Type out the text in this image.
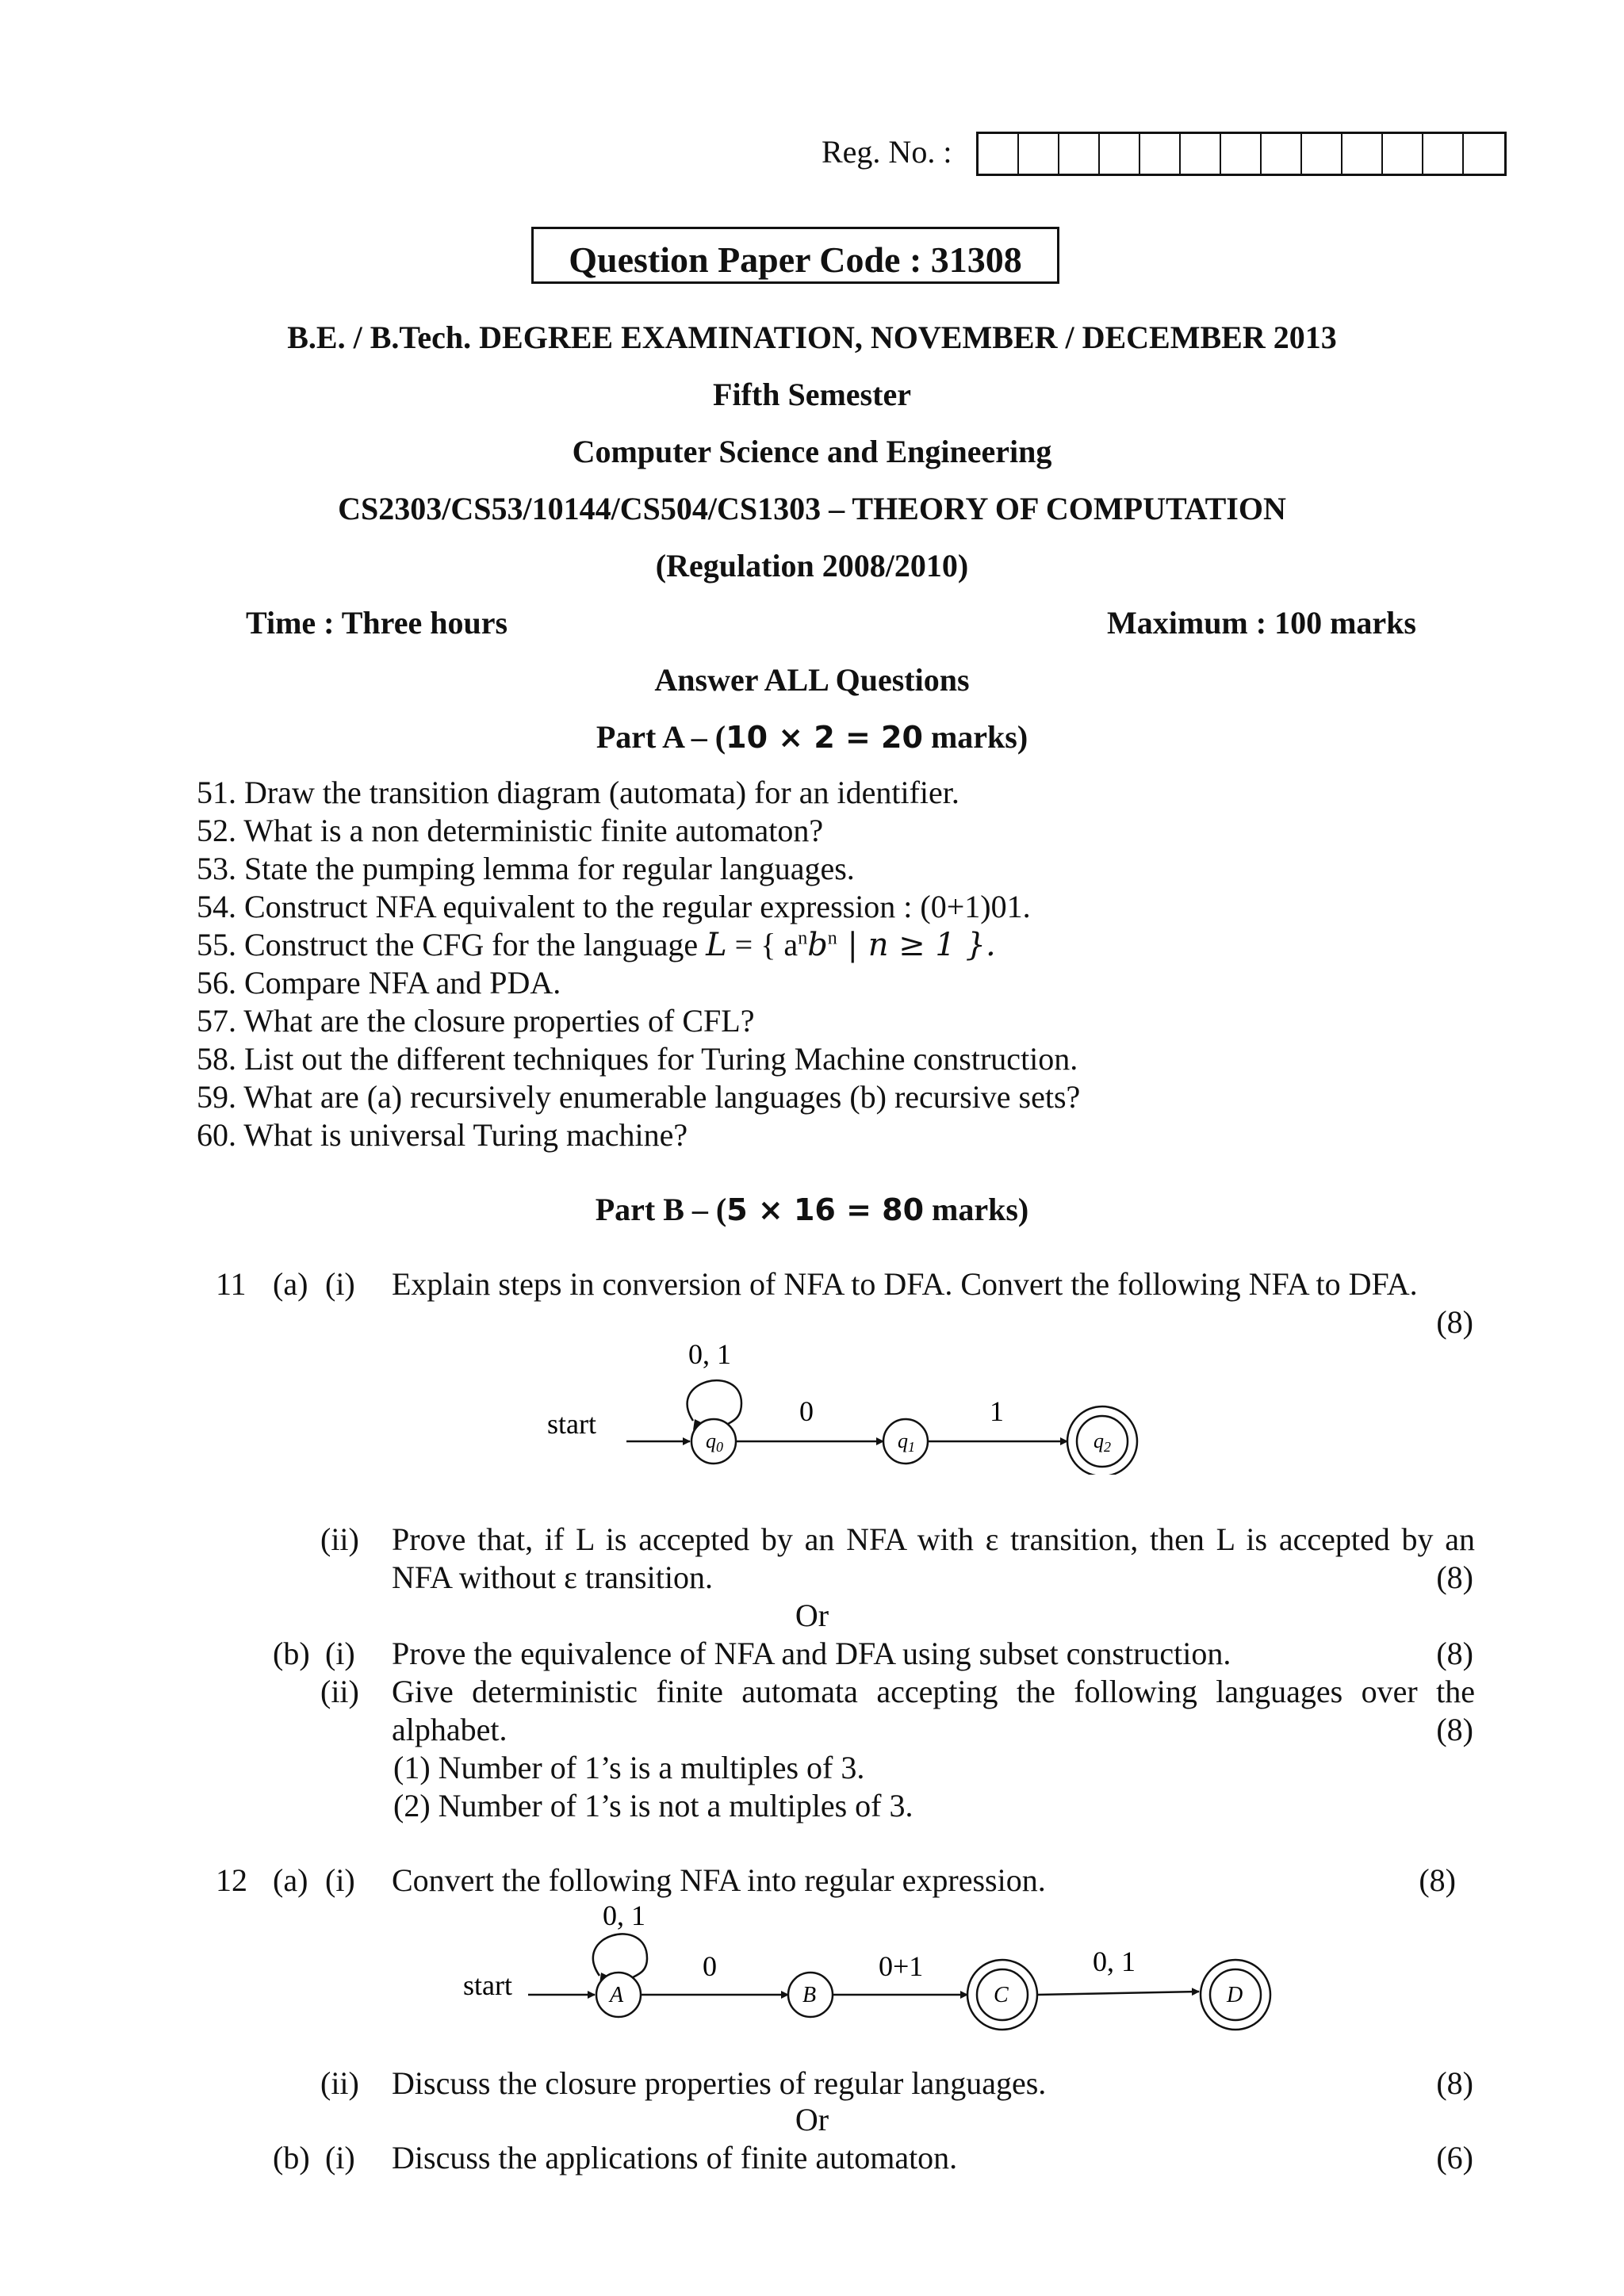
Reg. No. :
Question Paper Code : 31308
B.E. / B.Tech. DEGREE EXAMINATION, NOVEMBER / DECEMBER 2013
Fifth Semester
Computer Science and Engineering
CS2303/CS53/10144/CS504/CS1303 – THEORY OF COMPUTATION
(Regulation 2008/2010)
Time : Three hours	Maximum : 100 marks
Answer ALL Questions
Part A – (10 × 2 = 20 marks)
51. Draw the transition diagram (automata) for an identifier.
52. What is a non deterministic finite automaton?
53. State the pumping lemma for regular languages.
54. Construct NFA equivalent to the regular expression : (0+1)01.
55. Construct the CFG for the language L = { $a^nb^n$ | n ≥ 1 }.
56. Compare NFA and PDA.
57. What are the closure properties of CFL?
58. List out the different techniques for Turing Machine construction.
59. What are (a) recursively enumerable languages (b) recursive sets?
60. What is universal Turing machine?
Part B – (5 × 16 = 80 marks)
11 (a) (i) Explain steps in conversion of NFA to DFA. Convert the following NFA to DFA.
(8)
start
0, 1
q0
0
q1
1
q2
(ii) Prove that, if L is accepted by an NFA with ε transition, then L is accepted by an
NFA without ε transition.	(8)
Or
(b) (i) Prove the equivalence of NFA and DFA using subset construction.	(8)
(ii) Give deterministic finite automata accepting the following languages over the
alphabet.	(8)
(1) Number of 1’s is a multiples of 3.
(2) Number of 1’s is not a multiples of 3.
12 (a) (i) Convert the following NFA into regular expression.	(8)
start
0, 1
A
0
B
0+1
C
0, 1
D
(ii) Discuss the closure properties of regular languages.	(8)
Or
(b) (i) Discuss the applications of finite automaton.	(6)
